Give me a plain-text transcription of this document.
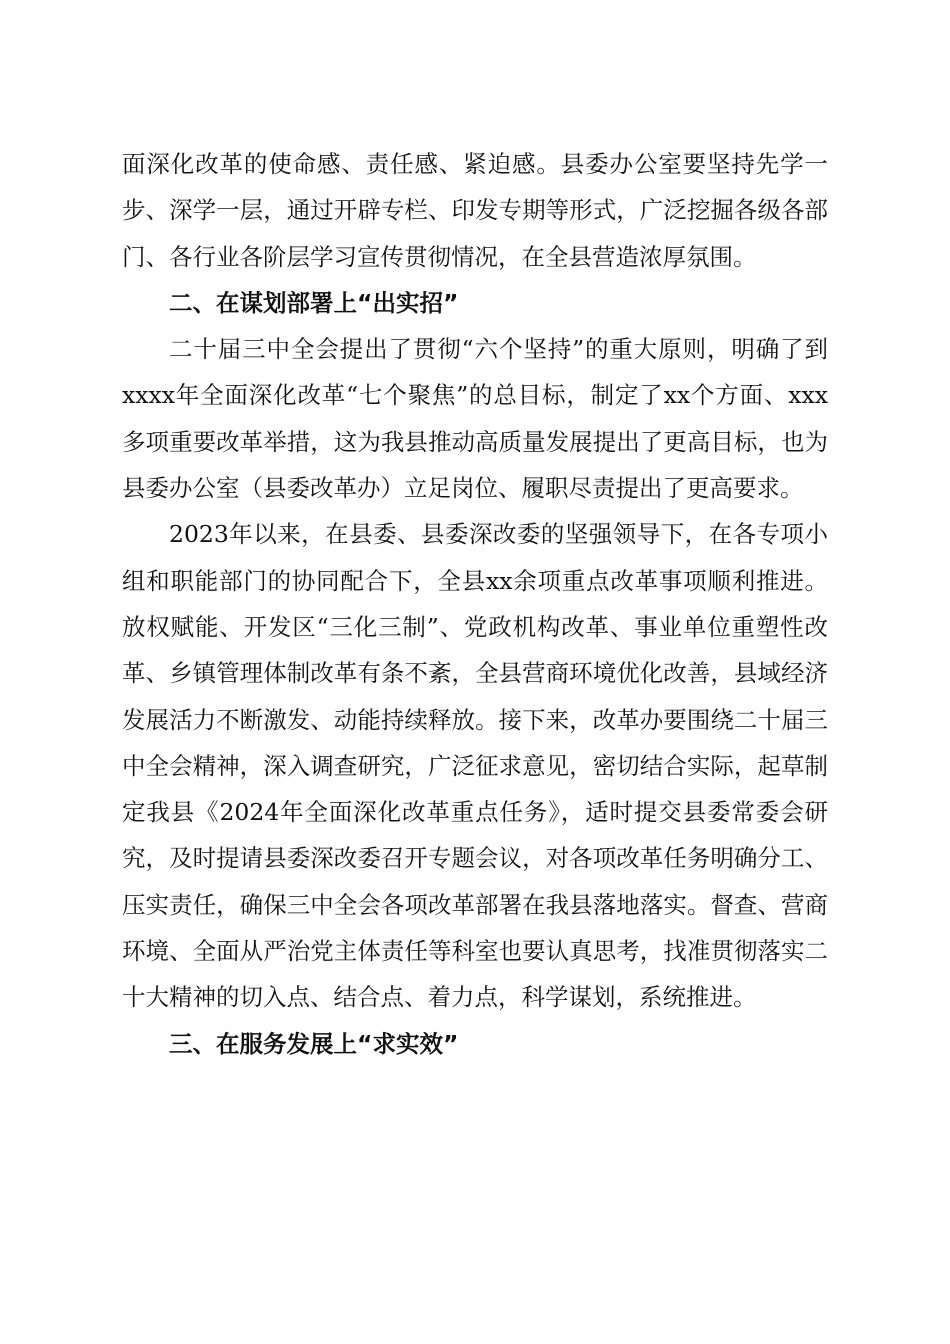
面深化改革的使命感、责任感、紧迫感。县委办公室要坚持先学一步、深学一层，通过开辟专栏、印发专期等形式，广泛挖掘各级各部门、各行业各阶层学习宣传贯彻情况，在全县营造浓厚氛围。

二、在谋划部署上“出实招”

二十届三中全会提出了贯彻“六个坚持”的重大原则，明确了到xxxx年全面深化改革“七个聚焦”的总目标，制定了xx个方面、xxx多项重要改革举措，这为我县推动高质量发展提出了更高目标，也为县委办公室（县委改革办）立足岗位、履职尽责提出了更高要求。

2023年以来，在县委、县委深改委的坚强领导下，在各专项小组和职能部门的协同配合下，全县xx余项重点改革事项顺利推进。放权赋能、开发区“三化三制”、党政机构改革、事业单位重塑性改革、乡镇管理体制改革有条不紊，全县营商环境优化改善，县域经济发展活力不断激发、动能持续释放。接下来，改革办要围绕二十届三中全会精神，深入调查研究，广泛征求意见，密切结合实际，起草制定我县《2024年全面深化改革重点任务》，适时提交县委常委会研究，及时提请县委深改委召开专题会议，对各项改革任务明确分工、压实责任，确保三中全会各项改革部署在我县落地落实。督查、营商环境、全面从严治党主体责任等科室也要认真思考，找准贯彻落实二十大精神的切入点、结合点、着力点，科学谋划，系统推进。

三、在服务发展上“求实效”
